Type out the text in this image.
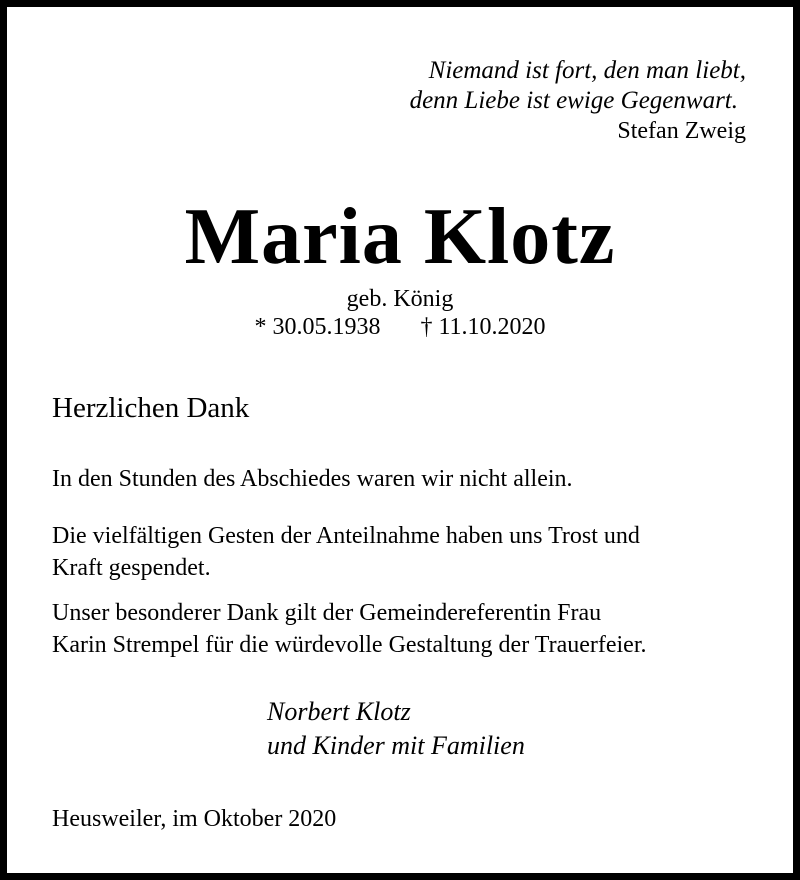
Niemand ist fort, den man liebt,

denn Liebe ist ewige Gegenwart.

Stefan Zweig

Maria Klotz

geb. König

* 30.05.1938 † 11.10.2020

Herzlichen Dank

In den Stunden des Abschiedes waren wir nicht allein.

Die vielfältigen Gesten der Anteilnahme haben uns Trost und

Kraft gespendet.

Unser besonderer Dank gilt der Gemeindereferentin Frau

Karin Strempel für die würdevolle Gestaltung der Trauerfeier.

Norbert Klotz

und Kinder mit Familien

Heusweiler, im Oktober 2020
